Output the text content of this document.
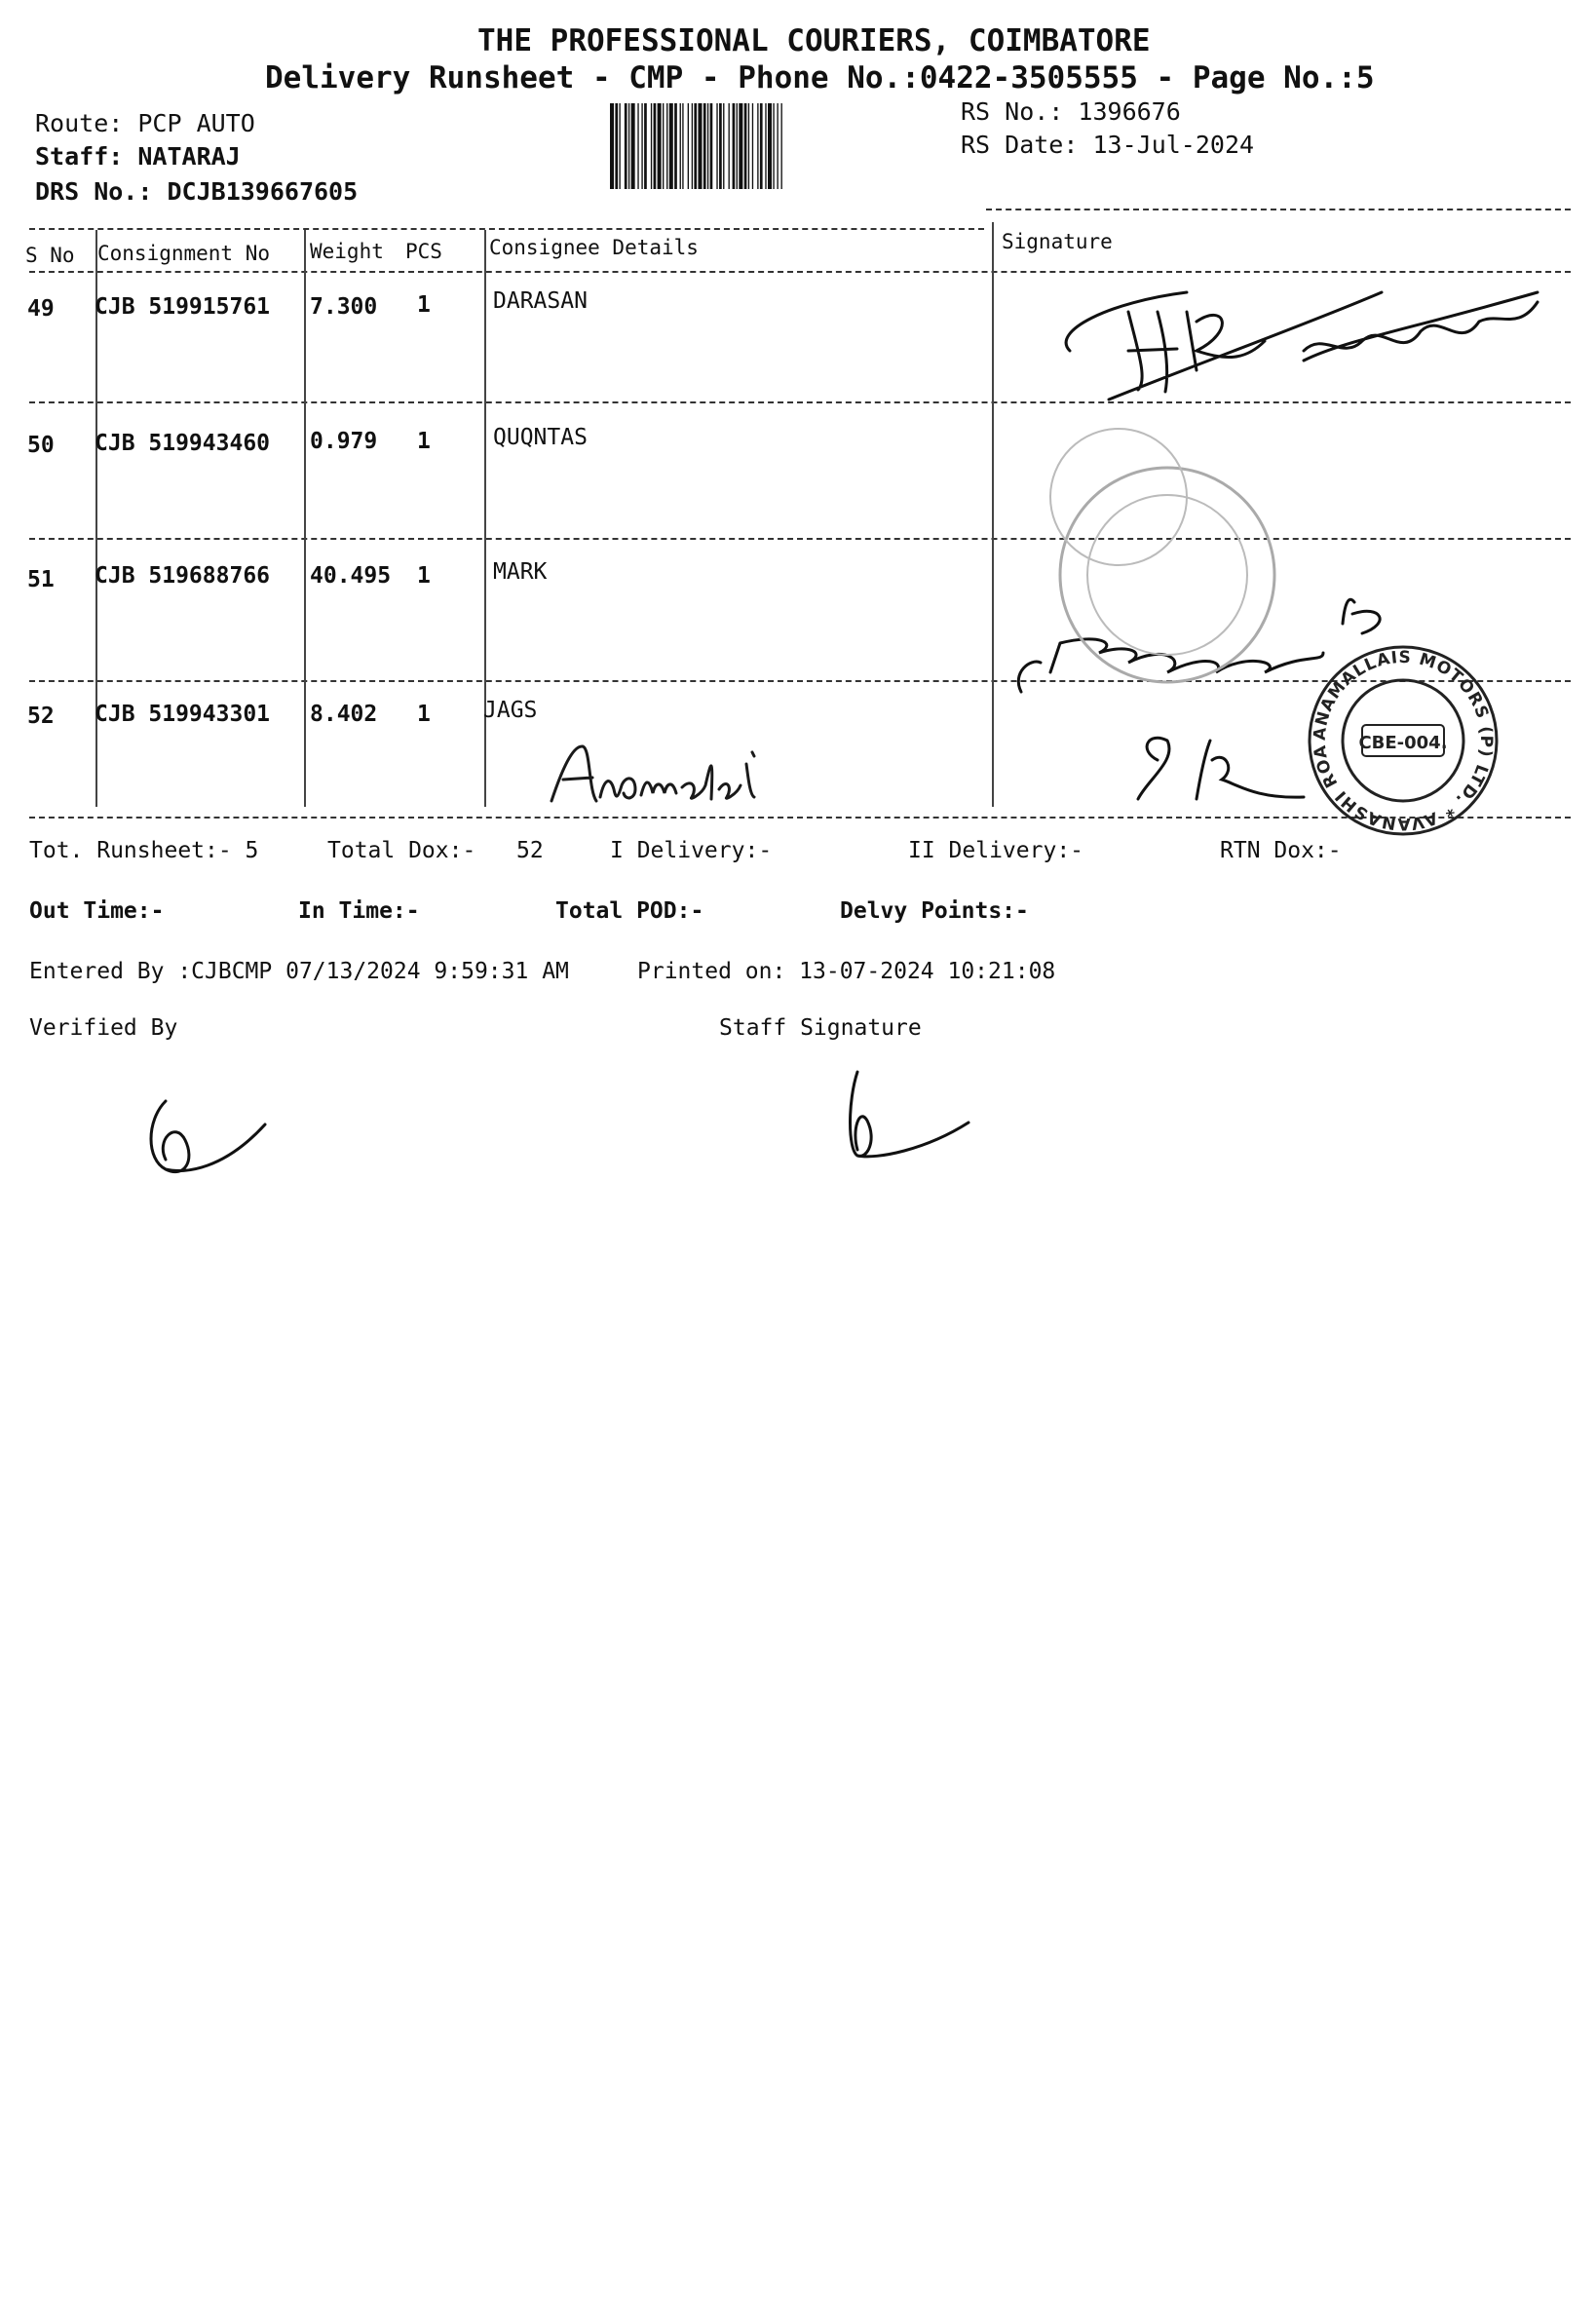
THE PROFESSIONAL COURIERS, COIMBATORE
Delivery Runsheet - CMP - Phone No.:0422-3505555 - Page No.:5
Route: PCP AUTO
Staff: NATARAJ
DRS No.: DCJB139667605
RS No.: 1396676
RS Date: 13-Jul-2024
S No Consignment No Weight PCS Consignee Details	Signature
49 CJB 519915761 7.300 1	DARASAN
50 CJB 519943460 0.979 1	QUQNTAS
51 CJB 519688766 40.495 1	MARK
52 CJB 519943301 8.402 1 JAGS
ANAMALLAIS MOTORS (P) LTD. * AVANASHI ROAD
CBE-004.
Tot. Runsheet:- 5	Total Dox:- 52	I Delivery:-	II Delivery:-	RTN Dox:-
Out Time:-	In Time:-	Total POD:-	Delvy Points:-
Entered By :CJBCMP 07/13/2024 9:59:31 AM	Printed on: 13-07-2024 10:21:08
Verified By	Staff Signature
